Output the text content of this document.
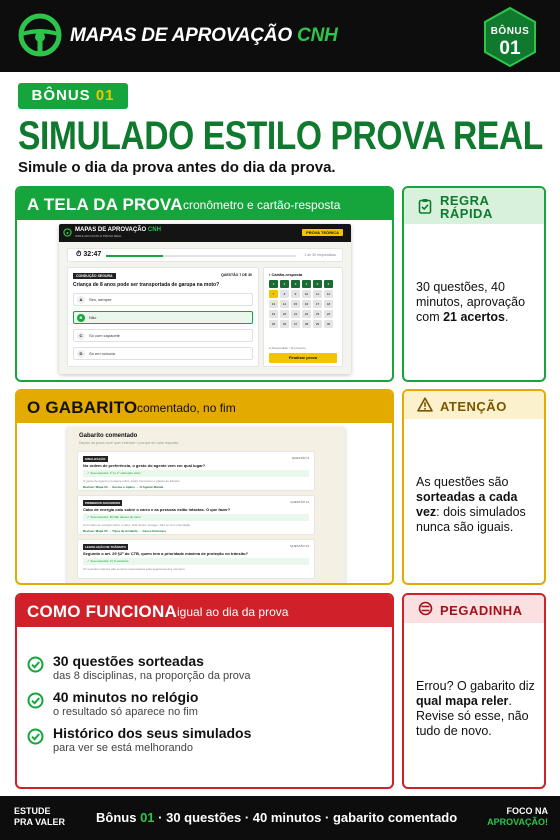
MAPAS DE APROVAÇÃO CNH	BÔNUS
01
BÔNUS 01
SIMULADO ESTILO PROVA REAL
Simule o dia da prova antes do dia da prova.
A TELA DA PROVA cronômetro e cartão-resposta
MAPAS DE APROVAÇÃO CNH
SIMULADO ESTILO PROVA REAL
PROVA TEÓRICA
⏱ 32:47	1 de 30 respondidas
CONDUÇÃO SEGURA	QUESTÃO 7 DE 30
Criança de 8 anos pode ser transportada de garupa na moto?
A	Sim, sempre
B	Não
C	Só com capacete
D	Só em rodovia
▪ Cartão-resposta
1	2	3	4	5	6
7	8	9	10	11	12
13	14	15	16	17	18
19	20	21	22	23	24
25	26	27	28	29	30
● Respondida ○ Em branco
Finalizar prova
REGRA
RÁPIDA
30 questões, 40 minutos, aprovação com 21 acertos.
O GABARITO comentado, no fim
Gabarito comentado
Depois da prova você quer entender o porquê de cada resposta
SINALIZAÇÃO	QUESTÃO 4
No ordem de preferência, o gesto do agente vem em qual lugar?
✓ Sua resposta: 1º (o 1º sobrepõe tudo)
O gesto do agente prevalece sobre sinais luminosos e placas de trânsito.
Revisar: Mapa 03 → Gestos e Apitos → O Agente Manda
PRIMEIROS SOCORROS	QUESTÃO 11
Cabo de energia caiu sobre o carro e as pessoas estão intactas. O que fazer?
✓ Sua resposta: B) Não descer do carro
Com cabo de energia sobre o carro, ficar dentro protege. Sair só com orientação.
Revisar: Mapa 05 → Tipos de Acidente → Casos Extremos
LEGISLAÇÃO DE TRÂNSITO	QUESTÃO 23
Segundo o art. 29 §2º do CTB, quem tem a prioridade máxima de proteção no trânsito?
✓ Sua resposta: C) O pedestre
Os veículos maiores são sempre responsáveis pela segurança dos menores.
ATENÇÃO
As questões são sorteadas a cada vez: dois simulados nunca são iguais.
COMO FUNCIONA igual ao dia da prova
30 questões sorteadas
das 8 disciplinas, na proporção da prova
40 minutos no relógio
o resultado só aparece no fim
Histórico dos seus simulados
para ver se está melhorando
PEGADINHA
Errou? O gabarito diz qual mapa reler. Revise só esse, não tudo de novo.
ESTUDE
PRA VALER Bônus 01 · 30 questões · 40 minutos · gabarito comentado	FOCO NA
APROVAÇÃO!
